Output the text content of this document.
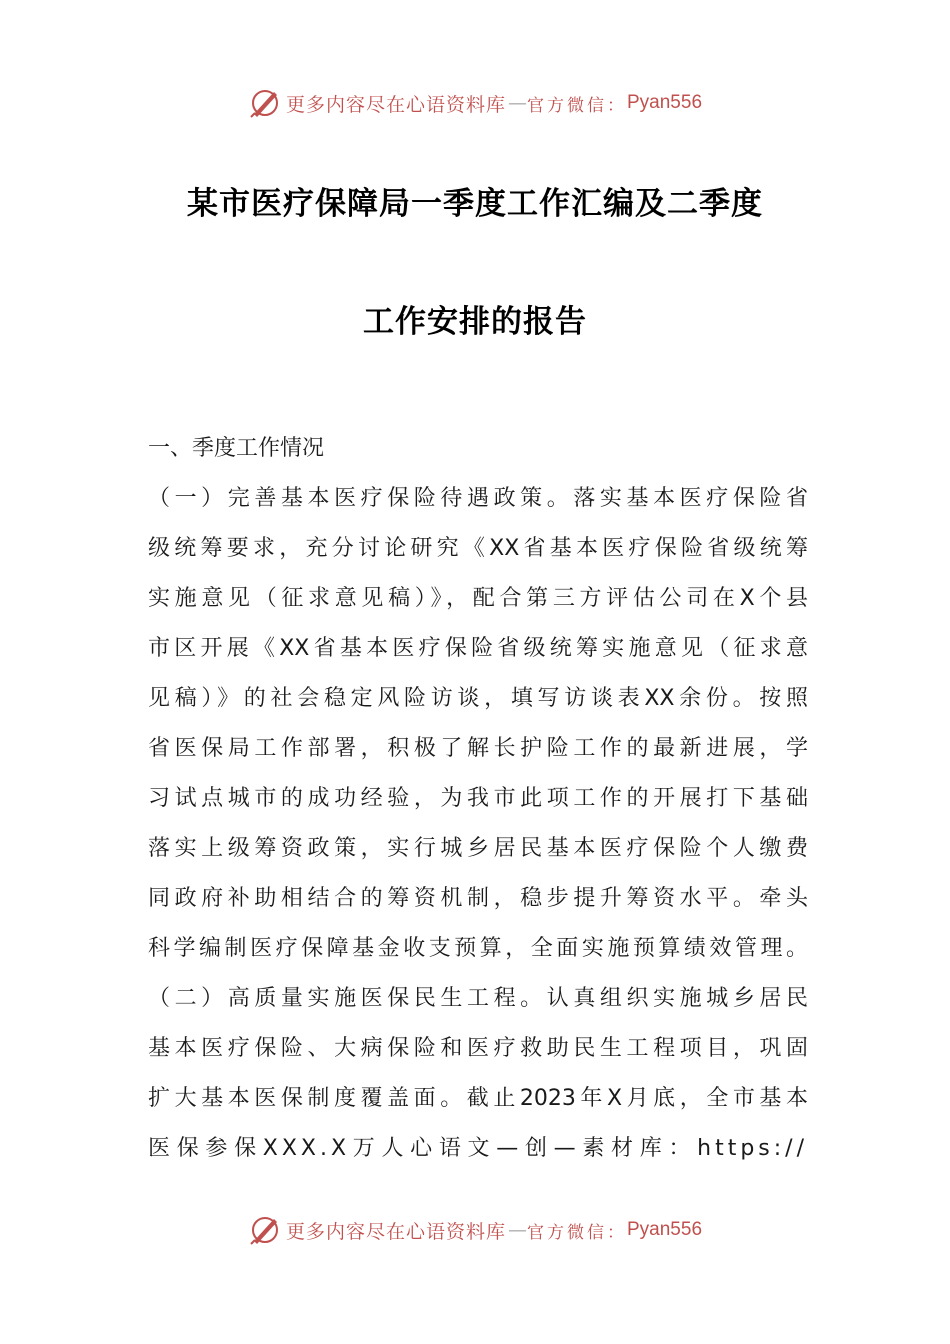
更多内容尽在心语资料库 — 官方微信： Pyan556
某市医疗保障局一季度工作汇编及二季度
工作安排的报告
一、季度工作情况
（一）完善基本医疗保险待遇政策。落实基本医疗保险省
级统筹要求，充分讨论研究《XX省基本医疗保险省级统筹
实施意见（征求意见稿）》，配合第三方评估公司在X个县
市区开展《XX省基本医疗保险省级统筹实施意见（征求意
见稿）》的社会稳定风险访谈，填写访谈表XX余份。按照
省医保局工作部署，积极了解长护险工作的最新进展，学
习试点城市的成功经验，为我市此项工作的开展打下基础
落实上级筹资政策，实行城乡居民基本医疗保险个人缴费
同政府补助相结合的筹资机制，稳步提升筹资水平。牵头
科学编制医疗保障基金收支预算，全面实施预算绩效管理。
（二）高质量实施医保民生工程。认真组织实施城乡居民
基本医疗保险、大病保险和医疗救助民生工程项目，巩固
扩大基本医保制度覆盖面。截止2023年X月底，全市基本
医保参保XXX.X万人心语文—创—素材库：https://
更多内容尽在心语资料库 — 官方微信： Pyan556
